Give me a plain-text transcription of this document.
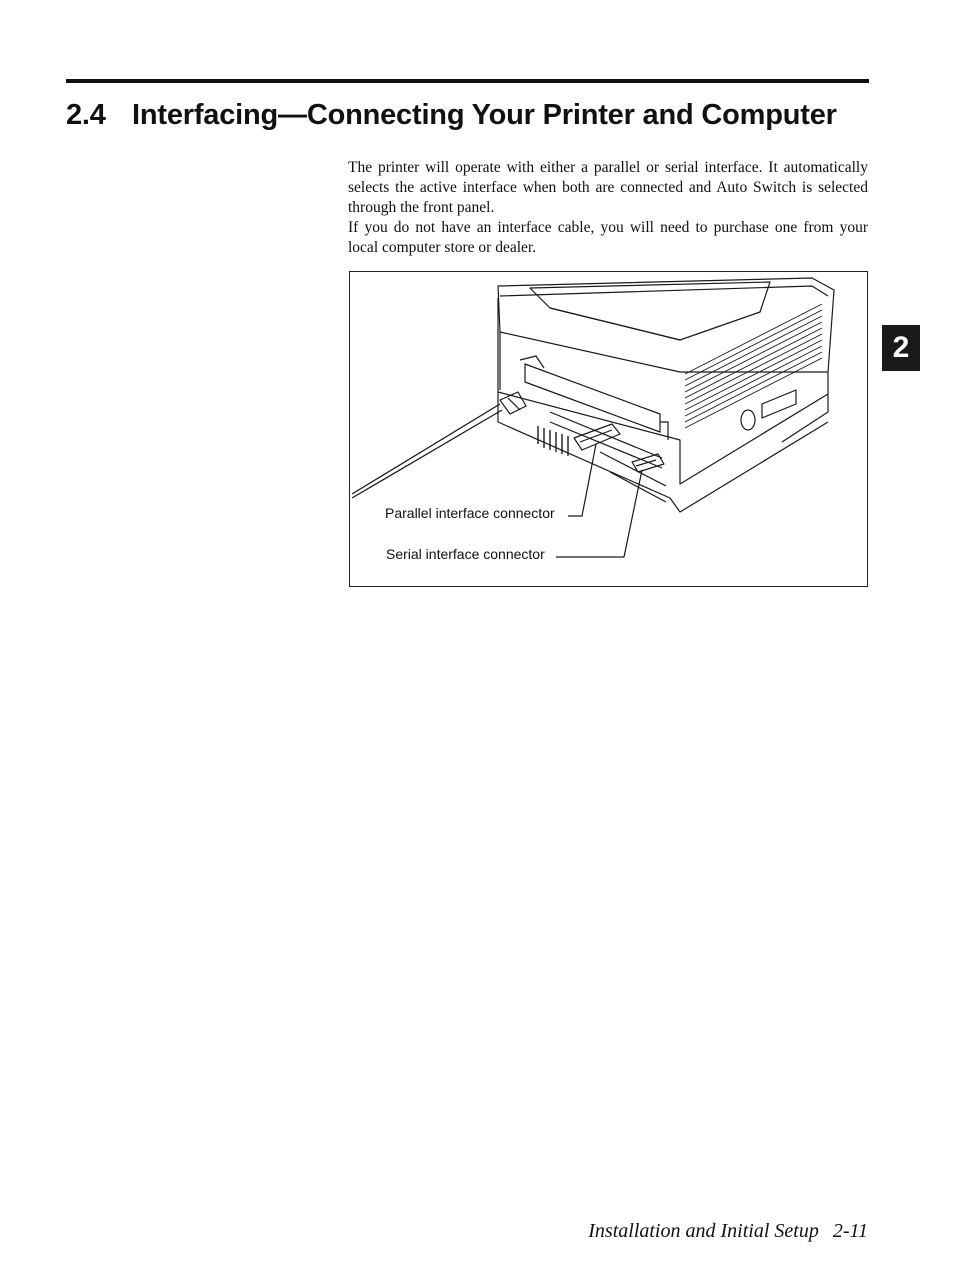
2.4 Interfacing—Connecting Your Printer and Computer

The printer will operate with either a parallel or serial interface. It automatically selects the active interface when both are connected and Auto Switch is selected through the front panel.

If you do not have an interface cable, you will need to purchase one from your local computer store or dealer.

Parallel interface connector
Serial interface connector
2
Installation and Initial Setup 2-11
